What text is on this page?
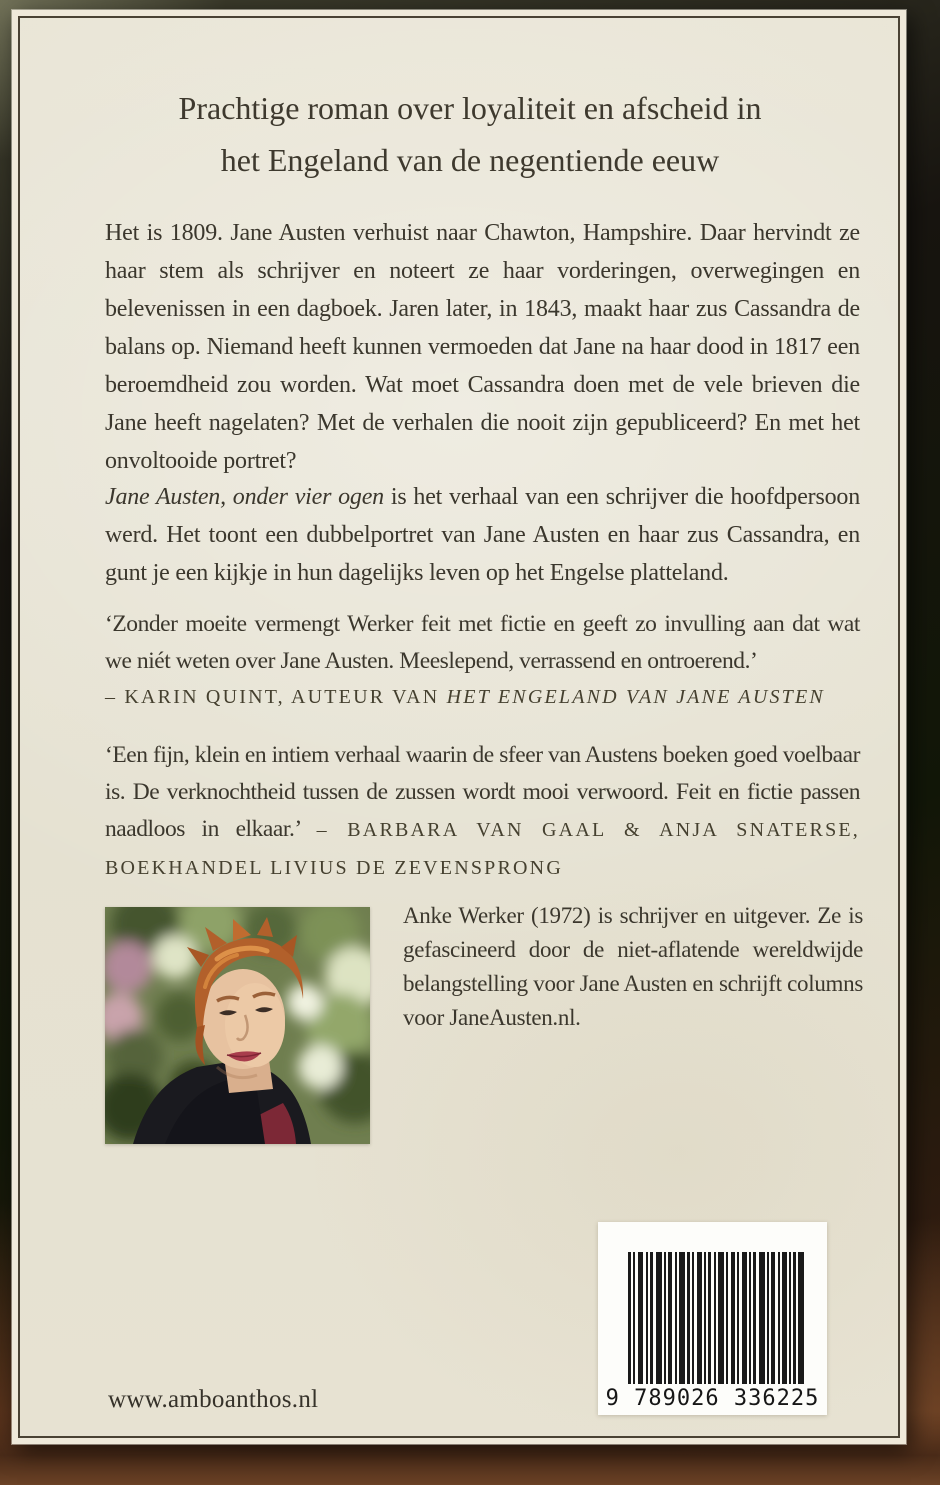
Prachtige roman over loyaliteit en afscheid in
het Engeland van de negentiende eeuw
Het is 1809. Jane Austen verhuist naar Chawton, Hampshire. Daar hervindt ze haar stem als schrijver en noteert ze haar vorderingen, overwegingen en belevenissen in een dagboek. Jaren later, in 1843, maakt haar zus Cassandra de balans op. Niemand heeft kunnen vermoeden dat Jane na haar dood in 1817 een beroemdheid zou worden. Wat moet Cassandra doen met de vele brieven die Jane heeft nagelaten? Met de verhalen die nooit zijn gepubliceerd? En met het onvoltooide portret?
Jane Austen, onder vier ogen is het verhaal van een schrijver die hoofdpersoon werd. Het toont een dubbelportret van Jane Austen en haar zus Cassandra, en gunt je een kijkje in hun dagelijks leven op het Engelse platteland.
‘Zonder moeite vermengt Werker feit met fictie en geeft zo invulling aan dat wat we niét weten over Jane Austen. Meeslepend, verrassend en ontroerend.’
– KARIN QUINT, AUTEUR VAN HET ENGELAND VAN JANE AUSTEN
‘Een fijn, klein en intiem verhaal waarin de sfeer van Austens boeken goed voelbaar is. De verknochtheid tussen de zussen wordt mooi verwoord. Feit en fictie passen naadloos in elkaar.’ – BARBARA VAN GAAL & ANJA SNATERSE, BOEKHANDEL LIVIUS DE ZEVENSPRONG
Anke Werker (1972) is schrijver en uitgever. Ze is gefascineerd door de niet-aflatende wereldwijde belangstelling voor Jane Austen en schrijft columns voor JaneAusten.nl.
9 789026 336225
www.amboanthos.nl
